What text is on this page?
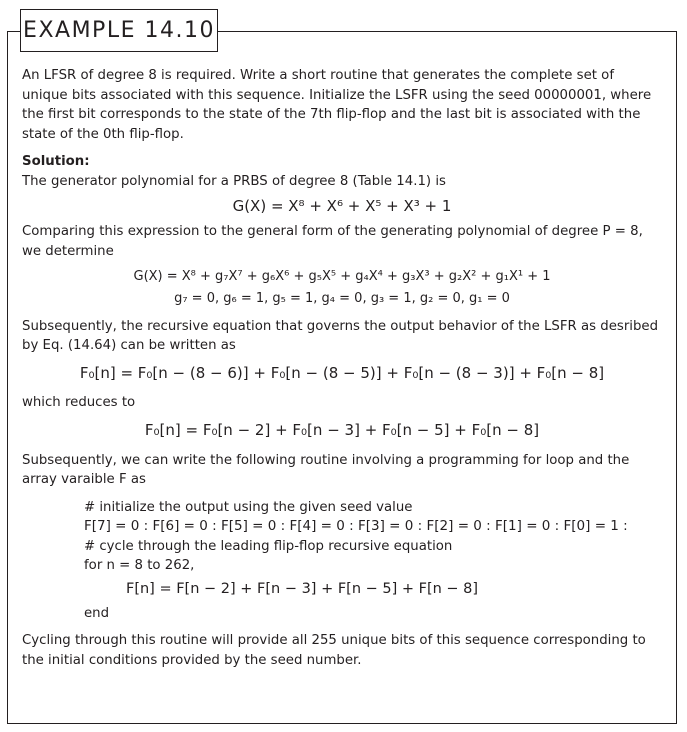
EXAMPLE 14.10

An LFSR of degree 8 is required. Write a short routine that generates the complete set of unique bits associated with this sequence. Initialize the LSFR using the seed 00000001, where the first bit corresponds to the state of the 7th flip-flop and the last bit is associated with the state of the 0th flip-flop.

Solution:

The generator polynomial for a PRBS of degree 8 (Table 14.1) is

G(X) = X⁸ + X⁶ + X⁵ + X³ + 1

Comparing this expression to the general form of the generating polynomial of degree P = 8, we determine

G(X) = X⁸ + g₇X⁷ + g₆X⁶ + g₅X⁵ + g₄X⁴ + g₃X³ + g₂X² + g₁X¹ + 1

g₇ = 0, g₆ = 1, g₅ = 1, g₄ = 0, g₃ = 1, g₂ = 0, g₁ = 0

Subsequently, the recursive equation that governs the output behavior of the LSFR as desribed by Eq. (14.64) can be written as

F₀[n] = F₀[n − (8 − 6)] + F₀[n − (8 − 5)] + F₀[n − (8 − 3)] + F₀[n − 8]

which reduces to

F₀[n] = F₀[n − 2] + F₀[n − 3] + F₀[n − 5] + F₀[n − 8]

Subsequently, we can write the following routine involving a programming for loop and the array varaible F as

# initialize the output using the given seed value

F[7] = 0 : F[6] = 0 : F[5] = 0 : F[4] = 0 : F[3] = 0 : F[2] = 0 : F[1] = 0 : F[0] = 1 :

# cycle through the leading flip-flop recursive equation

for n = 8 to 262,

F[n] = F[n − 2] + F[n − 3] + F[n − 5] + F[n − 8]

end

Cycling through this routine will provide all 255 unique bits of this sequence corresponding to the initial conditions provided by the seed number.
